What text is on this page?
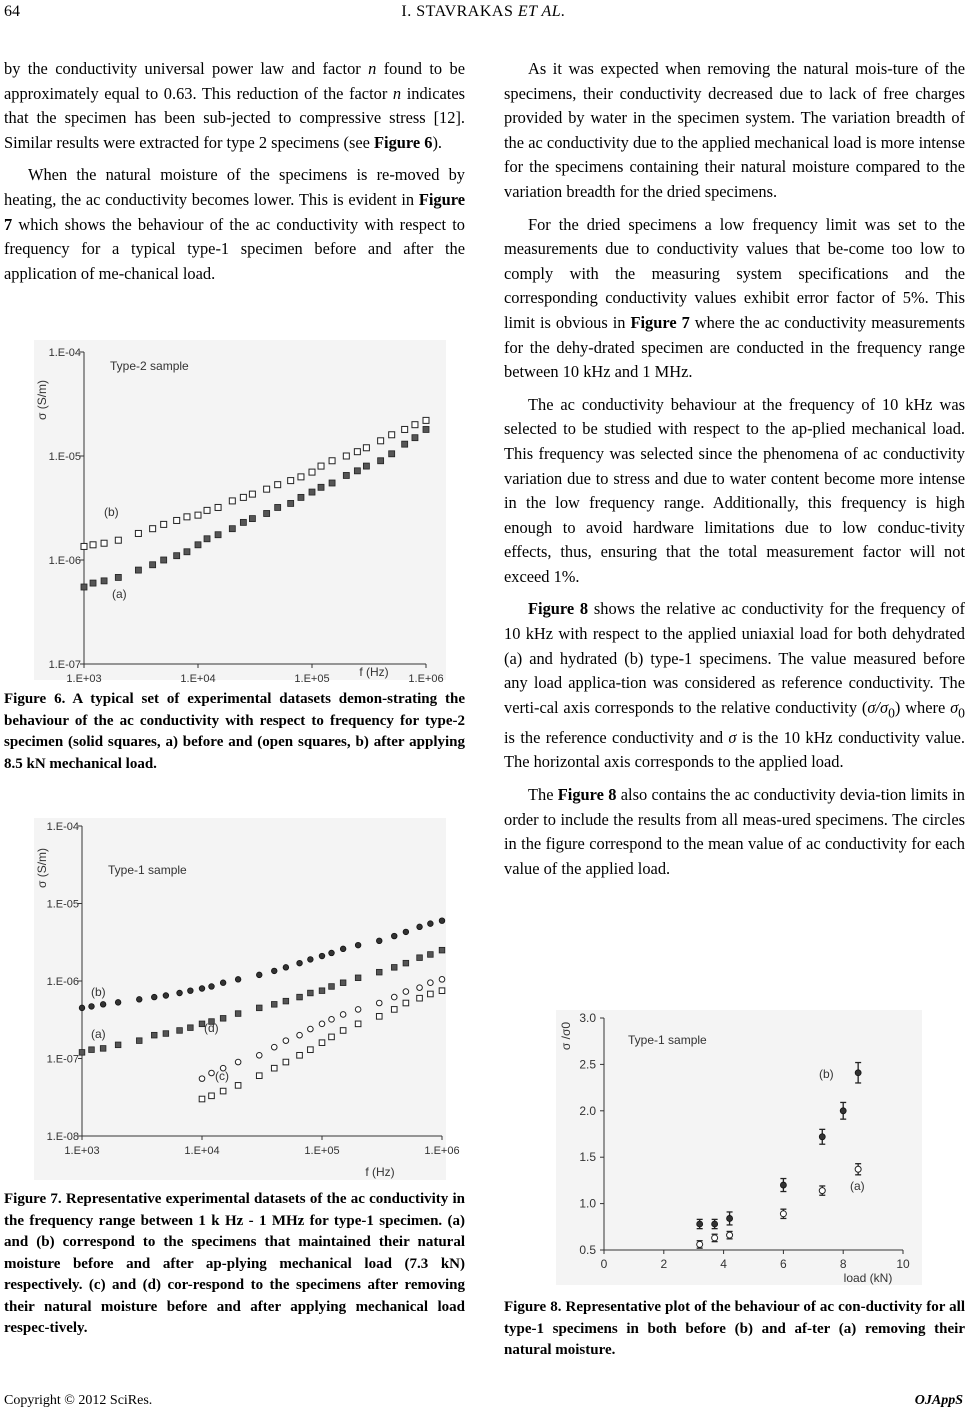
64	I. STAVRAKAS ET AL.

by the conductivity universal power law and factor n found to be approximately equal to 0.63. This reduction of the factor n indicates that the specimen has been sub-jected to compressive stress [12]. Similar results were extracted for type 2 specimens (see Figure 6).

When the natural moisture of the specimens is re-moved by heating, the ac conductivity becomes lower. This is evident in Figure 7 which shows the behaviour of the ac conductivity with respect to frequency for a typical type-1 specimen before and after the application of me-chanical load.

1.E-07
1.E-06
1.E-05
1.E-04
1.E+03	1.E+04	1.E+05	1.E+06
f (Hz)
σ (S/m)
Type-2 sample
(b)
(a)
Figure 6. A typical set of experimental datasets demon-strating the behaviour of the ac conductivity with respect to frequency for type-2 specimen (solid squares, a) before and (open squares, b) after applying 8.5 kN mechanical load.
1.E-08
1.E-07
1.E-06
1.E-05
1.E-04
1.E+03	1.E+04	1.E+05	1.E+06
f (Hz)
σ (S/m)	Type-1 sample
(b)
(a)	(d)
(c)
Figure 7. Representative experimental datasets of the ac conductivity in the frequency range between 1 k Hz - 1 MHz for type-1 specimen. (a) and (b) correspond to the specimens that maintained their natural moisture before and after ap-plying mechanical load (7.3 kN) respectively. (c) and (d) cor-respond to the specimens after removing their natural moisture before and after applying mechanical load respec-tively.

As it was expected when removing the natural mois-ture of the specimens, their conductivity decreased due to lack of free charges provided by water in the specimen system. The variation breadth of the ac conductivity due to the applied mechanical load is more intense for the specimens containing their natural moisture compared to the variation breadth for the dried specimens.

For the dried specimens a low frequency limit was set to the measurements due to conductivity values that be-come too low to comply with the measuring system specifications and the corresponding conductivity values exhibit error factor of 5%. This limit is obvious in Figure 7 where the ac conductivity measurements for the dehy-drated specimen are conducted in the frequency range between 10 kHz and 1 MHz.

The ac conductivity behaviour at the frequency of 10 kHz was selected to be studied with respect to the ap-plied mechanical load. This frequency was selected since the phenomena of ac conductivity variation due to stress and due to water content become more intense in the low frequency range. Additionally, this frequency is high enough to avoid hardware limitations due to low conduc-tivity effects, thus, ensuring that the total measurement factor will not exceed 1%.

Figure 8 shows the relative ac conductivity for the frequency of 10 kHz with respect to the applied uniaxial load for both dehydrated (a) and hydrated (b) type-1 specimens. The value measured before any load applica-tion was considered as reference conductivity. The verti-cal axis corresponds to the relative conductivity $(\sigma/\sigma_0)$ where $\sigma_0$ is the reference conductivity and σ is the 10 kHz conductivity value. The horizontal axis corresponds to the applied load.

The Figure 8 also contains the ac conductivity devia-tion limits in order to include the results from all meas-ured specimens. The circles in the figure correspond to the mean value of ac conductivity for each value of the applied load.

0.5
1.0
1.5
2.0
2.5
3.0
0	2	4	6	8	10
load (kN)
σ /σ0	Type-1 sample
(b)
(a)
Figure 8. Representative plot of the behaviour of ac con-ductivity for all type-1 specimens in both before (b) and af-ter (a) removing their natural moisture.
Copyright © 2012 SciRes.	OJAppS
